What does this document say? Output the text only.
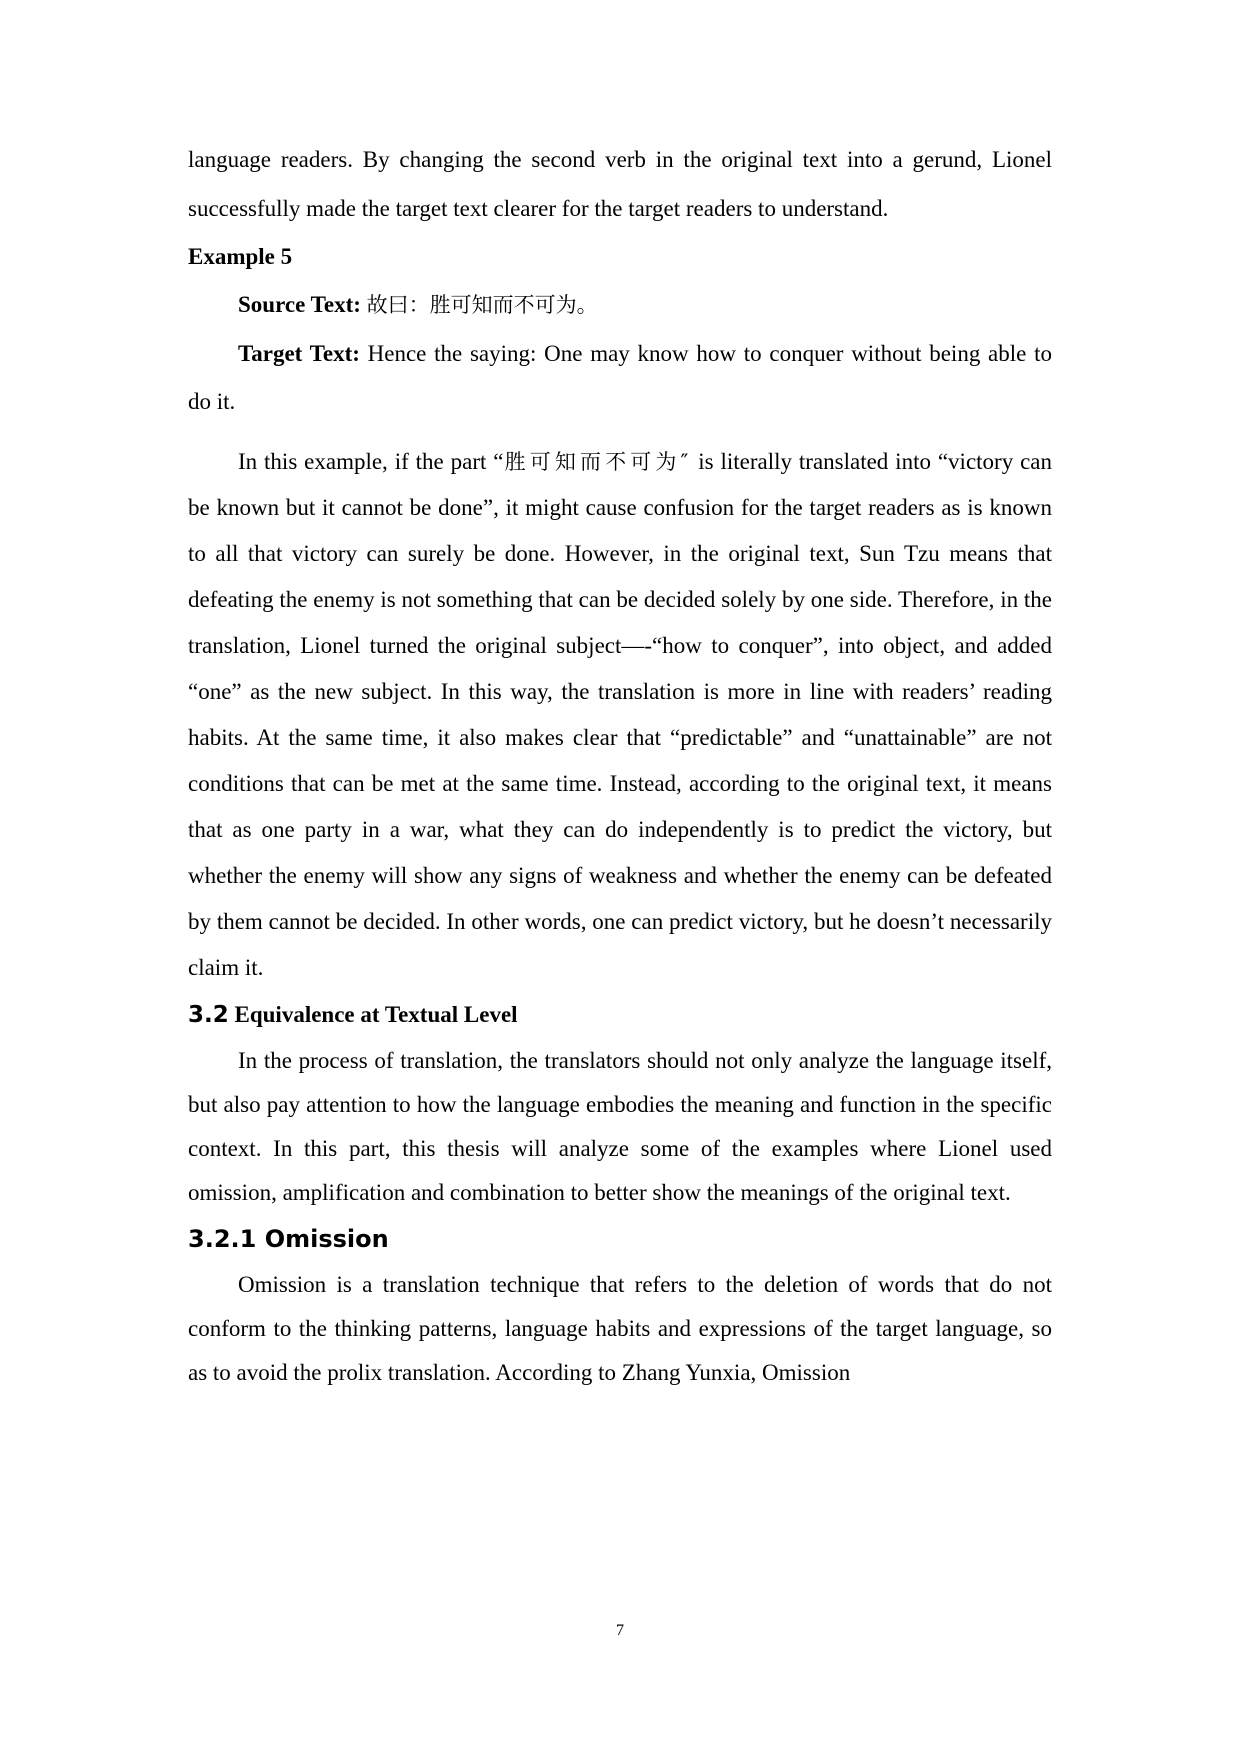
language readers. By changing the second verb in the original text into a gerund, Lionel successfully made the target text clearer for the target readers to understand.

Example 5

Source Text: 故曰：胜可知而不可为。

Target Text: Hence the saying: One may know how to conquer without being able to do it.

In this example, if the part “胜可知而不可为″ is literally translated into “victory can be known but it cannot be done”, it might cause confusion for the target readers as is known to all that victory can surely be done. However, in the original text, Sun Tzu means that defeating the enemy is not something that can be decided solely by one side. Therefore, in the translation, Lionel turned the original subject—-“how to conquer”, into object, and added “one” as the new subject. In this way, the translation is more in line with readers’ reading habits. At the same time, it also makes clear that “predictable” and “unattainable” are not conditions that can be met at the same time. Instead, according to the original text, it means that as one party in a war, what they can do independently is to predict the victory, but whether the enemy will show any signs of weakness and whether the enemy can be defeated by them cannot be decided. In other words, one can predict victory, but he doesn’t necessarily claim it.

3.2 Equivalence at Textual Level

In the process of translation, the translators should not only analyze the language itself, but also pay attention to how the language embodies the meaning and function in the specific context. In this part, this thesis will analyze some of the examples where Lionel used omission, amplification and combination to better show the meanings of the original text.

3.2.1 Omission

Omission is a translation technique that refers to the deletion of words that do not conform to the thinking patterns, language habits and expressions of the target language, so as to avoid the prolix translation. According to Zhang Yunxia, Omission

7
